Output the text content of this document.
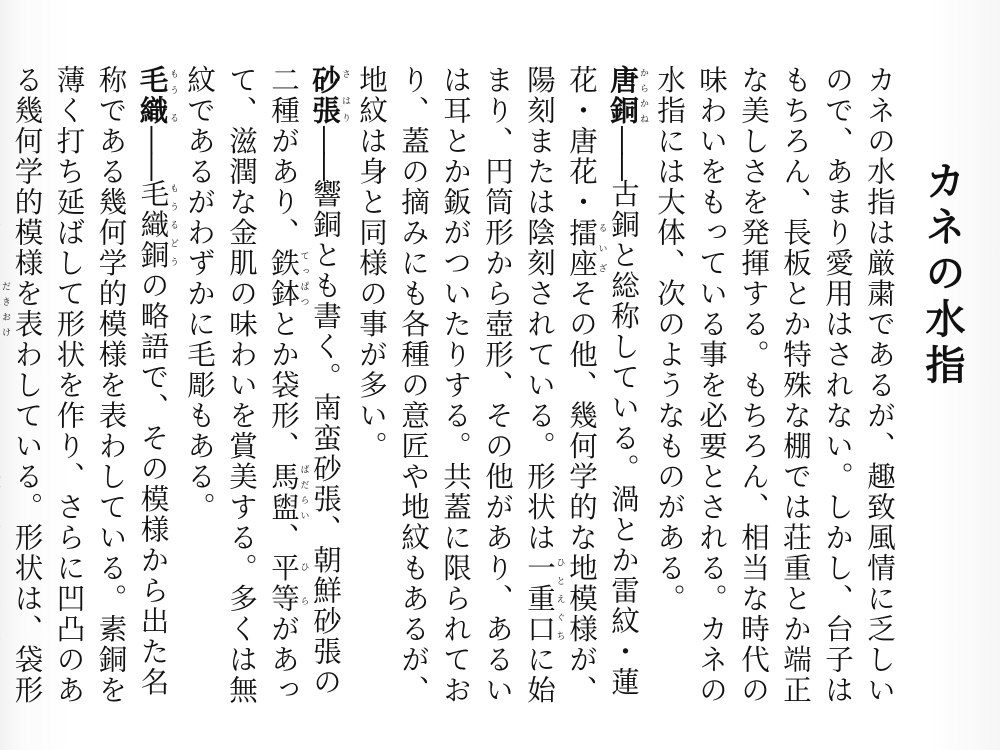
カネの水指

カネの水指は厳粛であるが、趣致風情に乏しいので、あまり愛用はされない。しかし、台子はもちろん、長板とか特殊な棚では荘重とか端正な美しさを発揮する。もちろん、相当な時代の味わいをもっている事を必要とされる。カネの水指には大体、次のようなものがある。

唐銅からかね――古銅と総称している。渦とか雷紋・蓮花・唐花・擂座るいざその他、幾何学的な地模様が、陽刻または陰刻されている。形状は一重口ひとえぐちに始まり、円筒形から壺形、その他があり、あるいは耳とか鈑がついたりする。共蓋に限られており、蓋の摘みにも各種の意匠や地紋もあるが、地紋は身と同様の事が多い。

砂張さ はり――響銅とも書く。南蛮砂張、朝鮮砂張の二種があり、鉄鉢てっぱつとか袋形、馬盥ばだらい、平等ひらがあって、滋潤な金肌の味わいを賞美する。多くは無紋であるがわずかに毛彫もある。

毛織もう る――毛織銅もうるどうの略語で、その模様から出た名称である幾何学的模様を表わしている。素銅を薄く打ち延ばして形状を作り、さらに凹凸のある幾何学的模様を表わしている。形状は、袋形 だきおけ
